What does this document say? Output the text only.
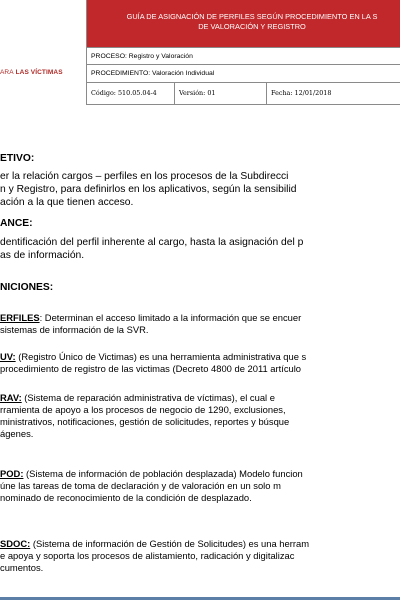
ARA LAS VÍCTIMAS
GUÍA DE ASIGNACIÓN DE PERFILES SEGÚN PROCEDIMIENTO EN LA S
DE VALORACIÓN Y REGISTRO
PROCESO: Registro y Valoración
PROCEDIMIENTO: Valoración Individual
Código: 510.05.04-4	Versión: 01	Fecha: 12/01/2018
ETIVO:
er la relación cargos – perfiles en los procesos de la Subdirecci
n y Registro, para definirlos en los aplicativos, según la sensibilid
ación a la que tienen acceso.
ANCE:
dentificación del perfil inherente al cargo, hasta la asignación del p
as de información.
NICIONES:
ERFILES: Determinan el acceso limitado a la información que se encuer
sistemas de información de la SVR.
UV: (Registro Único de Victimas) es una herramienta administrativa que s
procedimiento de registro de las victimas (Decreto 4800 de 2011 artículo
RAV: (Sistema de reparación administrativa de víctimas), el cual e
rramienta de apoyo a los procesos de negocio de 1290, exclusiones,
ministrativos, notificaciones, gestión de solicitudes, reportes y búsque
ágenes.
POD: (Sistema de información de población desplazada) Modelo funcion
úne las tareas de toma de declaración y de valoración en un solo m
nominado de reconocimiento de la condición de desplazado.
SDOC: (Sistema de información de Gestión de Solicitudes) es una herram
e apoya y soporta los procesos de alistamiento, radicación y digitalizac
cumentos.
